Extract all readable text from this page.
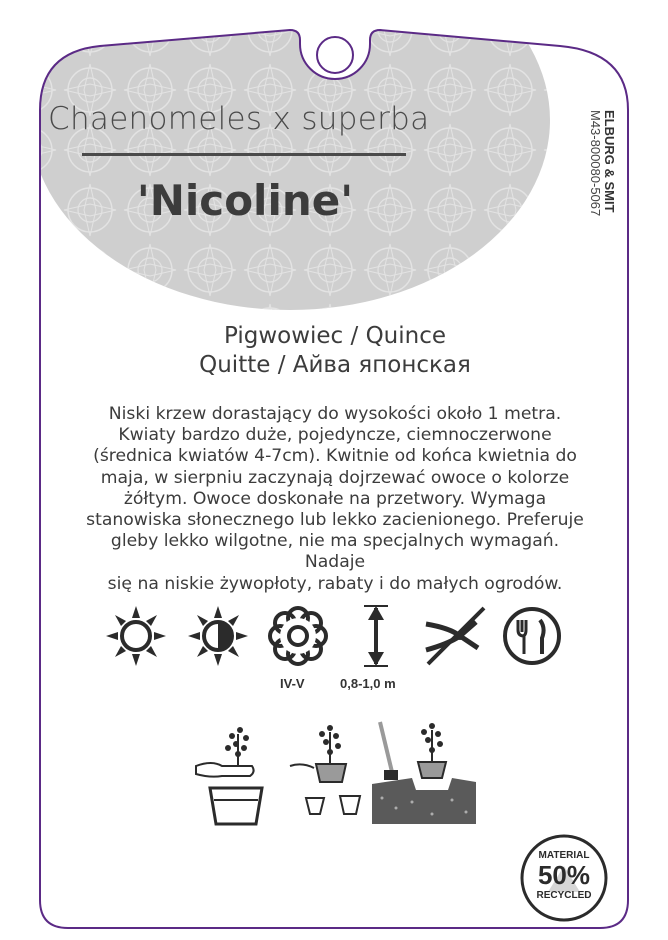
Chaenomeles x superba
'Nicoline'	ELBURG & SMIT
M43-800080-5067
Pigwowiec / Quince
Quitte / Айва японская
Niski krzew dorastający do wysokości około 1 metra.
Kwiaty bardzo duże, pojedyncze, ciemnoczerwone
(średnica kwiatów 4-7cm). Kwitnie od końca kwietnia do
maja, w sierpniu zaczynają dojrzewać owoce o kolorze
żółtym. Owoce doskonałe na przetwory. Wymaga
stanowiska słonecznego lub lekko zacienionego. Preferuje
gleby lekko wilgotne, nie ma specjalnych wymagań. Nadaje
się na niskie żywopłoty, rabaty i do małych ogrodów.
IV-V	0,8-1,0 m
MATERIAL
50%
RECYCLED
